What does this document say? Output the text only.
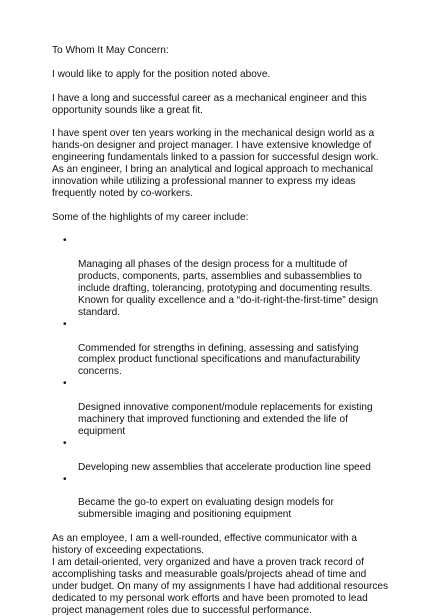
To Whom It May Concern:

I would like to apply for the position noted above.

I have a long and successful career as a mechanical engineer and this
opportunity sounds like a great fit.

I have spent over ten years working in the mechanical design world as a
hands-on designer and project manager. I have extensive knowledge of
engineering fundamentals linked to a passion for successful design work.
As an engineer, I bring an analytical and logical approach to mechanical
innovation while utilizing a professional manner to express my ideas
frequently noted by co-workers.

Some of the highlights of my career include:

•

Managing all phases of the design process for a multitude of
products, components, parts, assemblies and subassemblies to
include drafting, tolerancing, prototyping and documenting results.
Known for quality excellence and a “do-it-right-the-first-time” design
standard.

•

Commended for strengths in defining, assessing and satisfying
complex product functional specifications and manufacturability
concerns.

•

Designed innovative component/module replacements for existing
machinery that improved functioning and extended the life of
equipment

•

Developing new assemblies that accelerate production line speed

•

Became the go-to expert on evaluating design models for
submersible imaging and positioning equipment

As an employee, I am a well-rounded, effective communicator with a
history of exceeding expectations.

I am detail-oriented, very organized and have a proven track record of
accomplishing tasks and measurable goals/projects ahead of time and
under budget. On many of my assignments I have had additional resources
dedicated to my personal work efforts and have been promoted to lead
project management roles due to successful performance.
